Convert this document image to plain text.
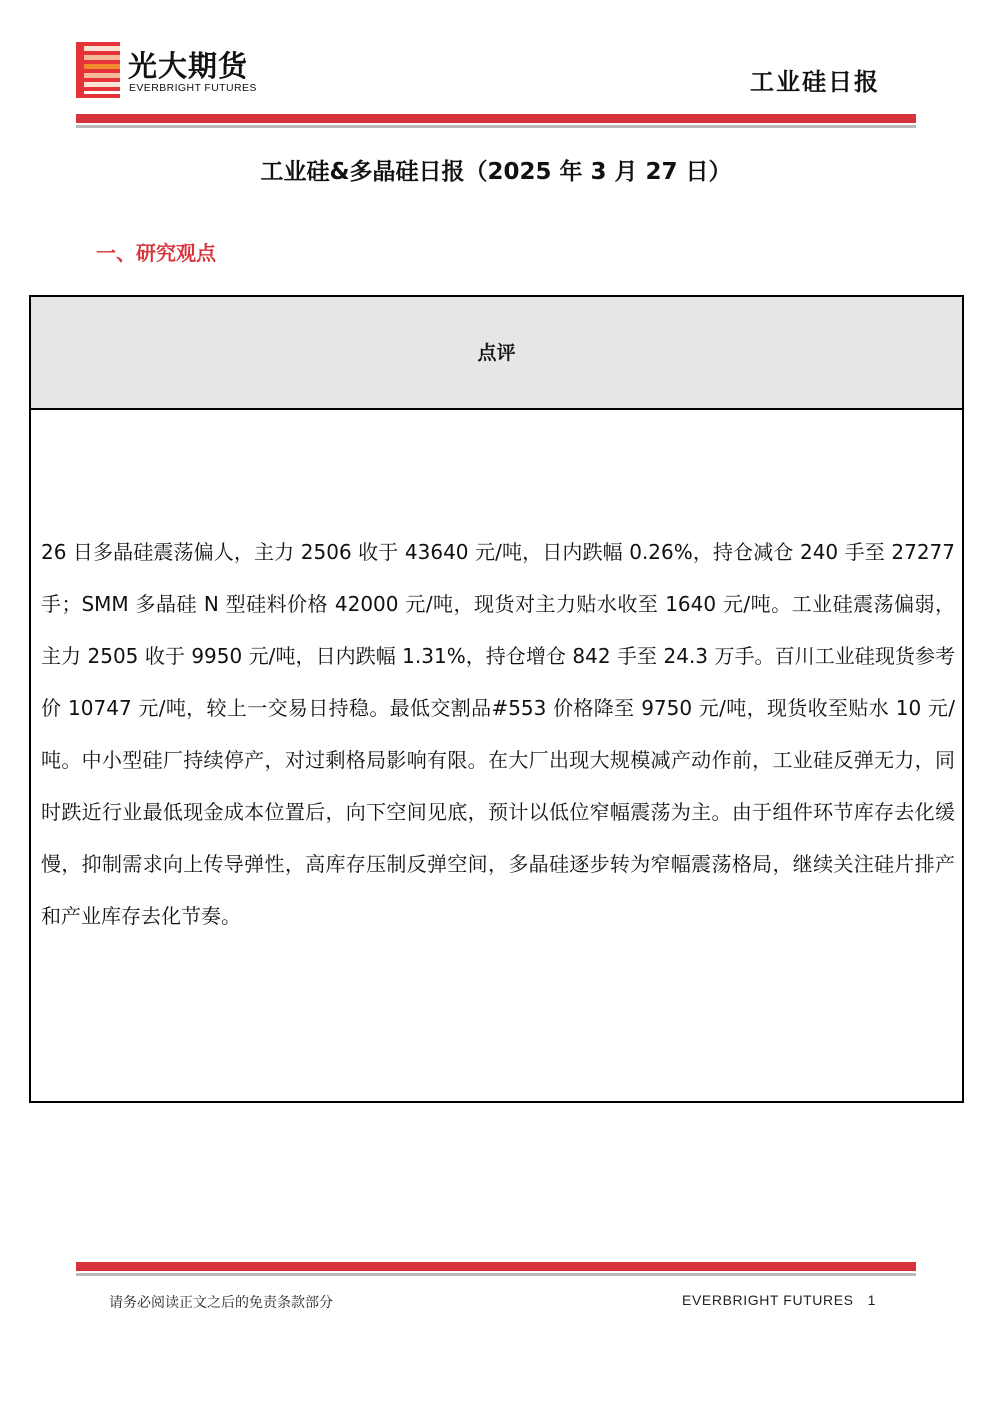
光大期货
EVERBRIGHT FUTURES	工业硅日报
工业硅&多晶硅日报（2025 年 3 月 27 日）
一、研究观点
点评

26 日多晶硅震荡偏人，主力 2506 收于 43640 元/吨，日内跌幅 0.26%，持仓减仓 240 手至 27277 手；SMM 多晶硅 N 型硅料价格 42000 元/吨，现货对主力贴水收至 1640 元/吨。工业硅震荡偏弱，主力 2505 收于 9950 元/吨，日内跌幅 1.31%，持仓增仓 842 手至 24.3 万手。百川工业硅现货参考价 10747 元/吨，较上一交易日持稳。最低交割品#553 价格降至 9750 元/吨，现货收至贴水 10 元/吨。中小型硅厂持续停产，对过剩格局影响有限。在大厂出现大规模减产动作前，工业硅反弹无力，同时跌近行业最低现金成本位置后，向下空间见底，预计以低位窄幅震荡为主。由于组件环节库存去化缓慢，抑制需求向上传导弹性，高库存压制反弹空间，多晶硅逐步转为窄幅震荡格局，继续关注硅片排产和产业库存去化节奏。

请务必阅读正文之后的免责条款部分	EVERBRIGHT FUTURES 1
